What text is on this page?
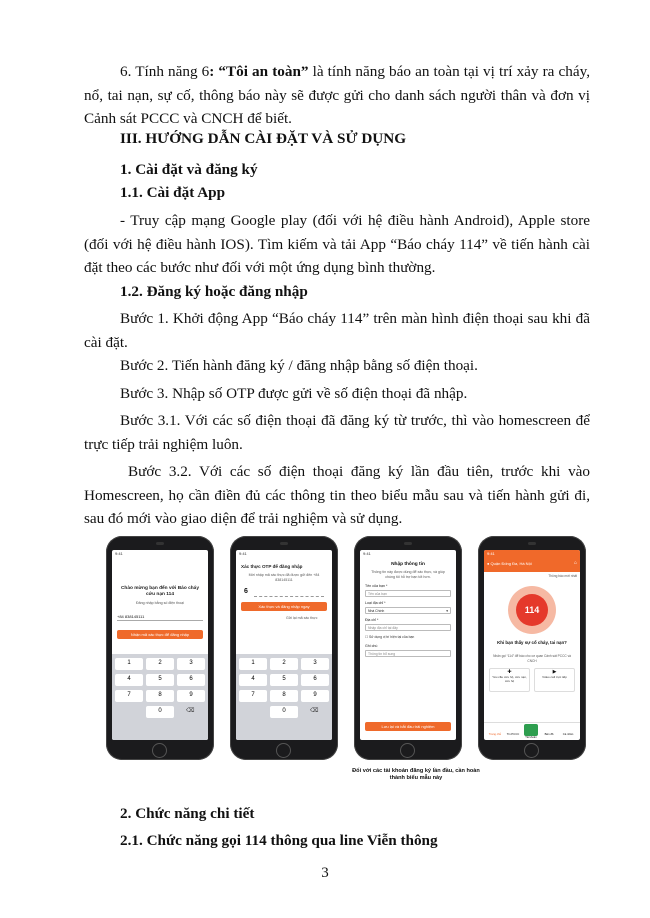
6. Tính năng 6: “Tôi an toàn” là tính năng báo an toàn tại vị trí xảy ra cháy, nổ, tai nạn, sự cố, thông báo này sẽ được gửi cho danh sách người thân và đơn vị Cảnh sát PCCC và CNCH để biết.

III. HƯỚNG DẪN CÀI ĐẶT VÀ SỬ DỤNG
1. Cài đặt và đăng ký
1.1. Cài đặt App

- Truy cập mạng Google play (đối với hệ điều hành Android), Apple store (đối với hệ điều hành IOS). Tìm kiếm và tải App “Báo cháy 114” về tiến hành cài đặt theo các bước như đối với một ứng dụng bình thường.

1.2. Đăng ký hoặc đăng nhập

Bước 1. Khởi động App “Báo cháy 114” trên màn hình điện thoại sau khi đã cài đặt.

Bước 2. Tiến hành đăng ký / đăng nhập bằng số điện thoại.

Bước 3. Nhập số OTP được gửi về số điện thoại đã nhập.

Bước 3.1. Với các số điện thoại đã đăng ký từ trước, thì vào homescreen để trực tiếp trải nghiệm luôn.

Bước 3.2. Với các số điện thoại đăng ký lần đầu tiên, trước khi vào Homescreen, họ cần điền đủ các thông tin theo biểu mẫu sau và tiến hành gửi đi, sau đó mới vào giao diện để trải nghiệm và sử dụng.

9:41
Chào mừng bạn đến với Báo cháy cứu nạn 114
Đăng nhập bằng số điện thoại
+84 838145111
Nhận mã xác thực để đăng nhập
1	2	3
4	5	6
7	8	9
0	⌫
9:41
Xác thực OTP để đăng nhập
Mời nhập mã xác thực đã được gửi đến +84 838145111
6
Xác thực và đăng nhập ngay
Gửi lại mã xác thực
1	2	3
4	5	6
7	8	9
0	⌫
9:41
Nhập thông tin
Thông tin này được dùng để xác thực, và giúp chúng tôi hỗ trợ bạn tốt hơn.
Tên của bạn *
Tên của bạn
Loại địa chỉ *
Nhà Chính	▾
Địa chỉ *
Nhập địa chỉ tại đây
☐ Sử dụng vị trí hiện tại của bạn
Ghi chú
Thông tin bổ sung
Lưu lại và bắt đầu trải nghiệm
9:41
● Quận Đống Đa, Hà Nội	⌂
Thông báo mới nhất
114
Khi bạn thấy sự cố cháy, tai nạn?
Nhấn gọi “114” để báo cho cơ quan Cảnh sát PCCC và CNCH
✚
Yêu cầu cứu hộ, cứu nạn, cứu hộ
▶
Video call trực tiếp
Trang chủ	Tin PCCC
Tài khoản
Bản đồ	Cá nhân
Đối với các tài khoản đăng ký lần đầu, cần hoàn thành biểu mẫu này
2. Chức năng chi tiết
2.1. Chức năng gọi 114 thông qua line Viễn thông
3
